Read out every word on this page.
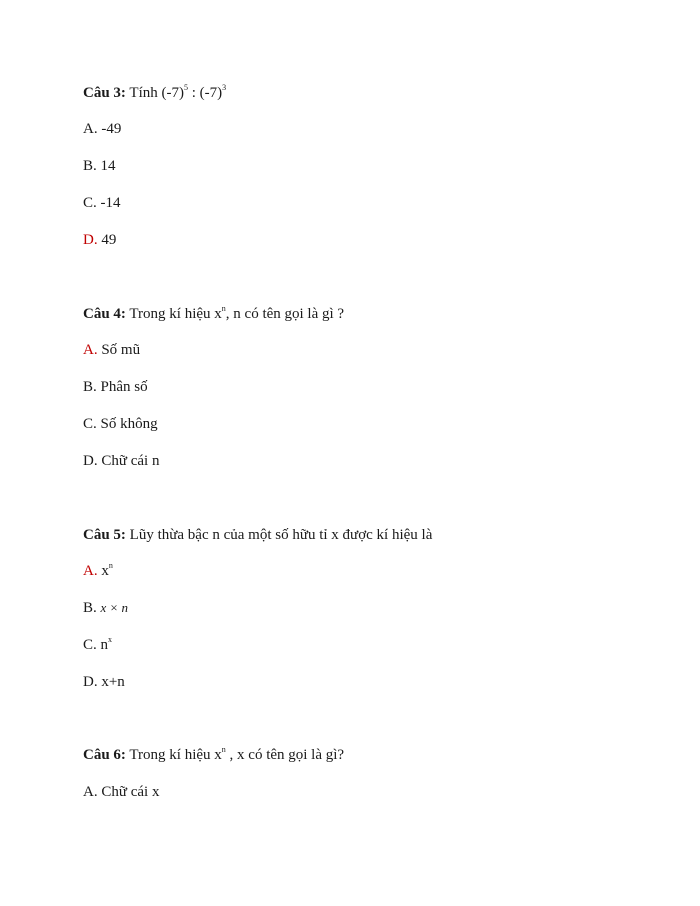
Câu 3: Tính $(-7)^5$ : $(-7)^3$
A. -49
B. 14
C. -14
D. 49
Câu 4: Trong kí hiệu $x^n$, n có tên gọi là gì ?
A. Số mũ
B. Phân số
C. Số không
D. Chữ cái n
Câu 5: Lũy thừa bậc n của một số hữu tỉ x được kí hiệu là
A. $x^n$
B. x × n
C. $n^x$
D. x+n
Câu 6: Trong kí hiệu $x^n$ , x có tên gọi là gì?
A. Chữ cái x
